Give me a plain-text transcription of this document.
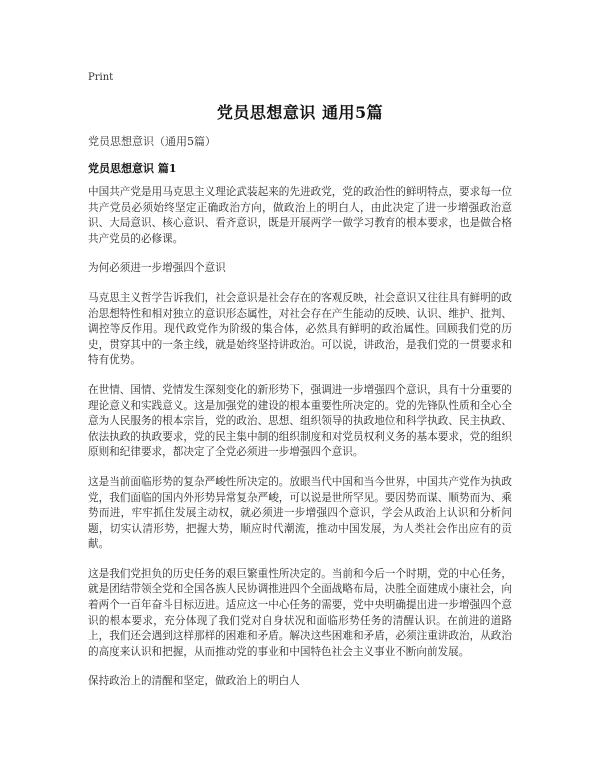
Print
党员思想意识 通用5篇
党员思想意识（通用5篇）
党员思想意识 篇1

中国共产党是用马克思主义理论武装起来的先进政党，党的政治性的鲜明特点，要求每一位共产党员必须始终坚定正确政治方向，做政治上的明白人，由此决定了进一步增强政治意识、大局意识、核心意识、看齐意识，既是开展两学一做学习教育的根本要求，也是做合格共产党员的必修课。

为何必须进一步增强四个意识

马克思主义哲学告诉我们，社会意识是社会存在的客观反映，社会意识又往往具有鲜明的政治思想特性和相对独立的意识形态属性，对社会存在产生能动的反映、认识、维护、批判、调控等反作用。现代政党作为阶级的集合体，必然具有鲜明的政治属性。回顾我们党的历史，贯穿其中的一条主线，就是始终坚持讲政治。可以说，讲政治，是我们党的一贯要求和特有优势。

在世情、国情、党情发生深刻变化的新形势下，强调进一步增强四个意识，具有十分重要的理论意义和实践意义。这是加强党的建设的根本重要性所决定的。党的先锋队性质和全心全意为人民服务的根本宗旨，党的政治、思想、组织领导的执政地位和科学执政、民主执政、依法执政的执政要求，党的民主集中制的组织制度和对党员权利义务的基本要求，党的组织原则和纪律要求，都决定了全党必须进一步增强四个意识。

这是当前面临形势的复杂严峻性所决定的。放眼当代中国和当今世界，中国共产党作为执政党，我们面临的国内外形势异常复杂严峻，可以说是世所罕见。要因势而谋、顺势而为、乘势而进，牢牢抓住发展主动权，就必须进一步增强四个意识，学会从政治上认识和分析问题，切实认清形势，把握大势，顺应时代潮流，推动中国发展，为人类社会作出应有的贡献。

这是我们党担负的历史任务的艰巨繁重性所决定的。当前和今后一个时期，党的中心任务，就是团结带领全党和全国各族人民协调推进四个全面战略布局，决胜全面建成小康社会，向着两个一百年奋斗目标迈进。适应这一中心任务的需要，党中央明确提出进一步增强四个意识的根本要求，充分体现了我们党对自身状况和面临形势任务的清醒认识。在前进的道路上，我们还会遇到这样那样的困难和矛盾。解决这些困难和矛盾，必须注重讲政治，从政治的高度来认识和把握，从而推动党的事业和中国特色社会主义事业不断向前发展。

保持政治上的清醒和坚定，做政治上的明白人
